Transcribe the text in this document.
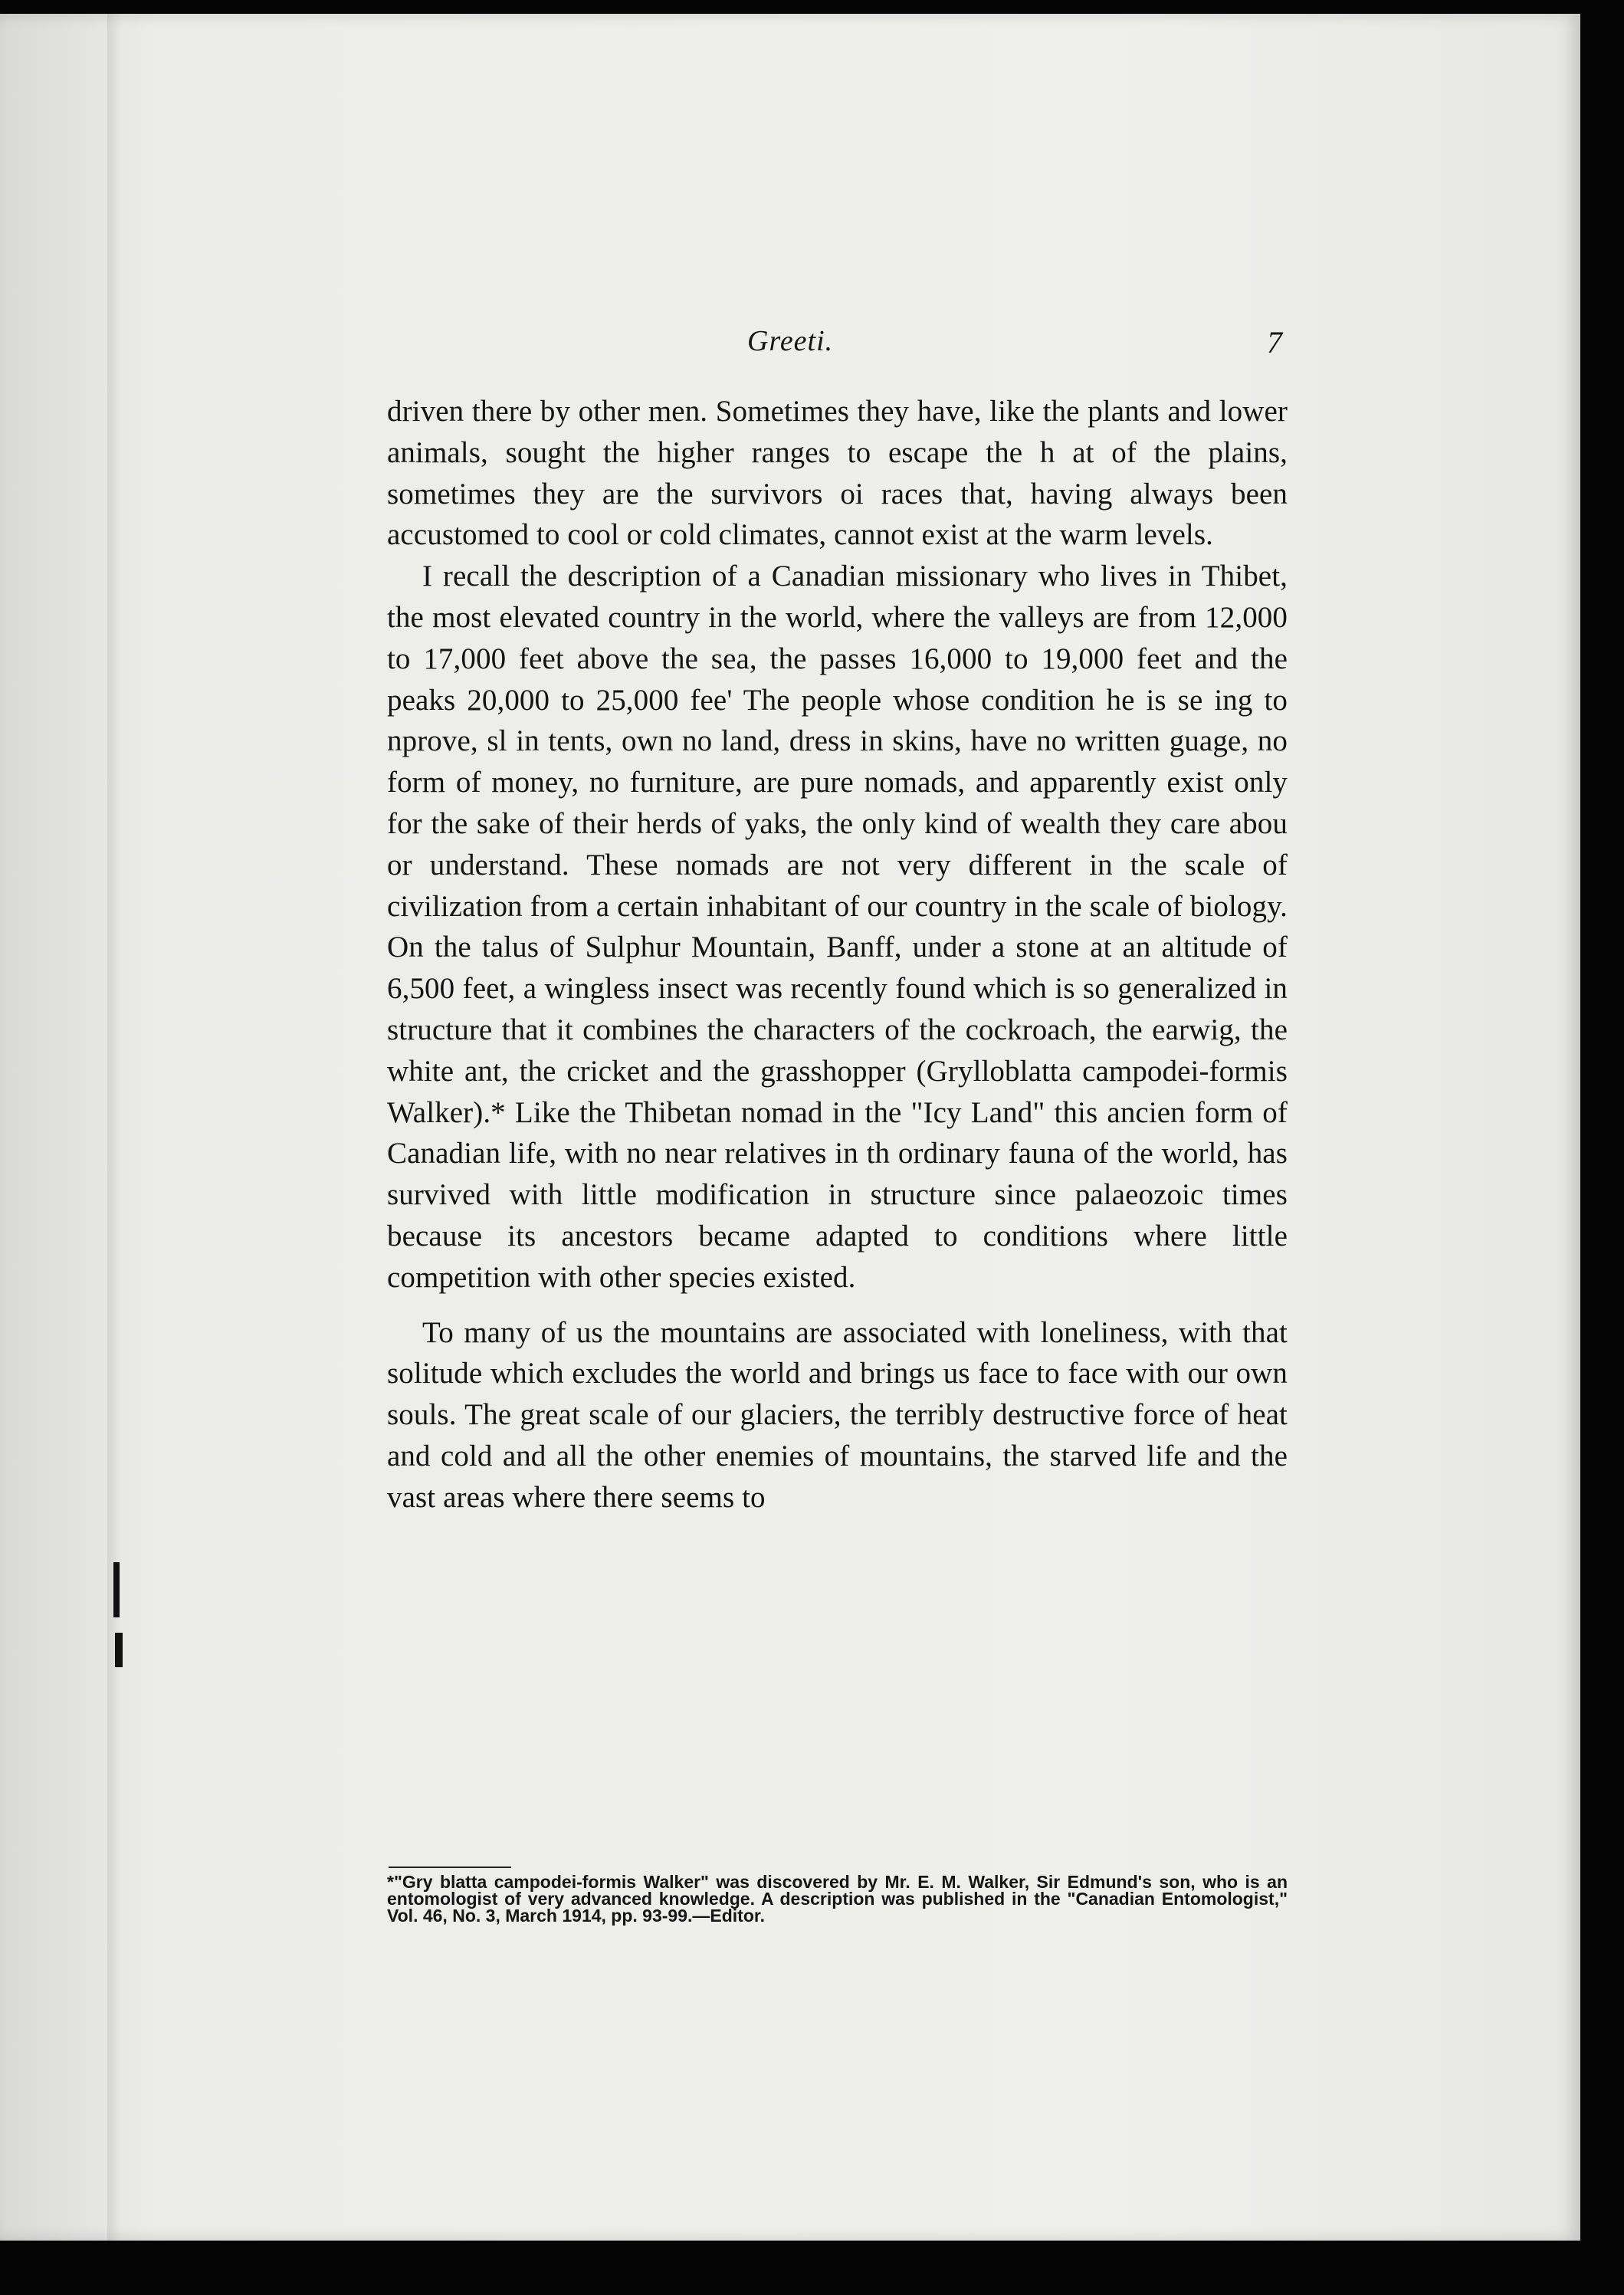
Greeti.	7

driven there by other men. Sometimes they have, like the plants and lower animals, sought the higher ranges to escape the h at of the plains, sometimes they are the survivors oi races that, having always been accustomed to cool or cold climates, cannot exist at the warm levels.

I recall the description of a Canadian missionary who lives in Thibet, the most elevated country in the world, where the valleys are from 12,000 to 17,000 feet above the sea, the passes 16,000 to 19,000 feet and the peaks 20,000 to 25,000 fee' The people whose condition he is se ing to nprove, sl in tents, own no land, dress in skins, have no written guage, no form of money, no furniture, are pure nomads, and apparently exist only for the sake of their herds of yaks, the only kind of wealth they care abou or understand. These nomads are not very different in the scale of civilization from a certain inhabitant of our country in the scale of biology. On the talus of Sulphur Mountain, Banff, under a stone at an altitude of 6,500 feet, a wingless insect was recently found which is so generalized in structure that it combines the characters of the cockroach, the earwig, the white ant, the cricket and the grasshopper (Grylloblatta campodei-formis Walker).* Like the Thibetan nomad in the "Icy Land" this ancien form of Canadian life, with no near relatives in th ordinary fauna of the world, has survived with little modification in structure since palaeozoic times because its ancestors became adapted to conditions where little competition with other species existed.

To many of us the mountains are associated with loneliness, with that solitude which excludes the world and brings us face to face with our own souls. The great scale of our glaciers, the terribly destructive force of heat and cold and all the other enemies of mountains, the starved life and the vast areas where there seems to

*"Gry blatta campodei-formis Walker" was discovered by Mr. E. M. Walker, Sir Edmund's son, who is an entomologist of very advanced knowledge. A description was published in the "Canadian Entomologist," Vol. 46, No. 3, March 1914, pp. 93-99.—Editor.
